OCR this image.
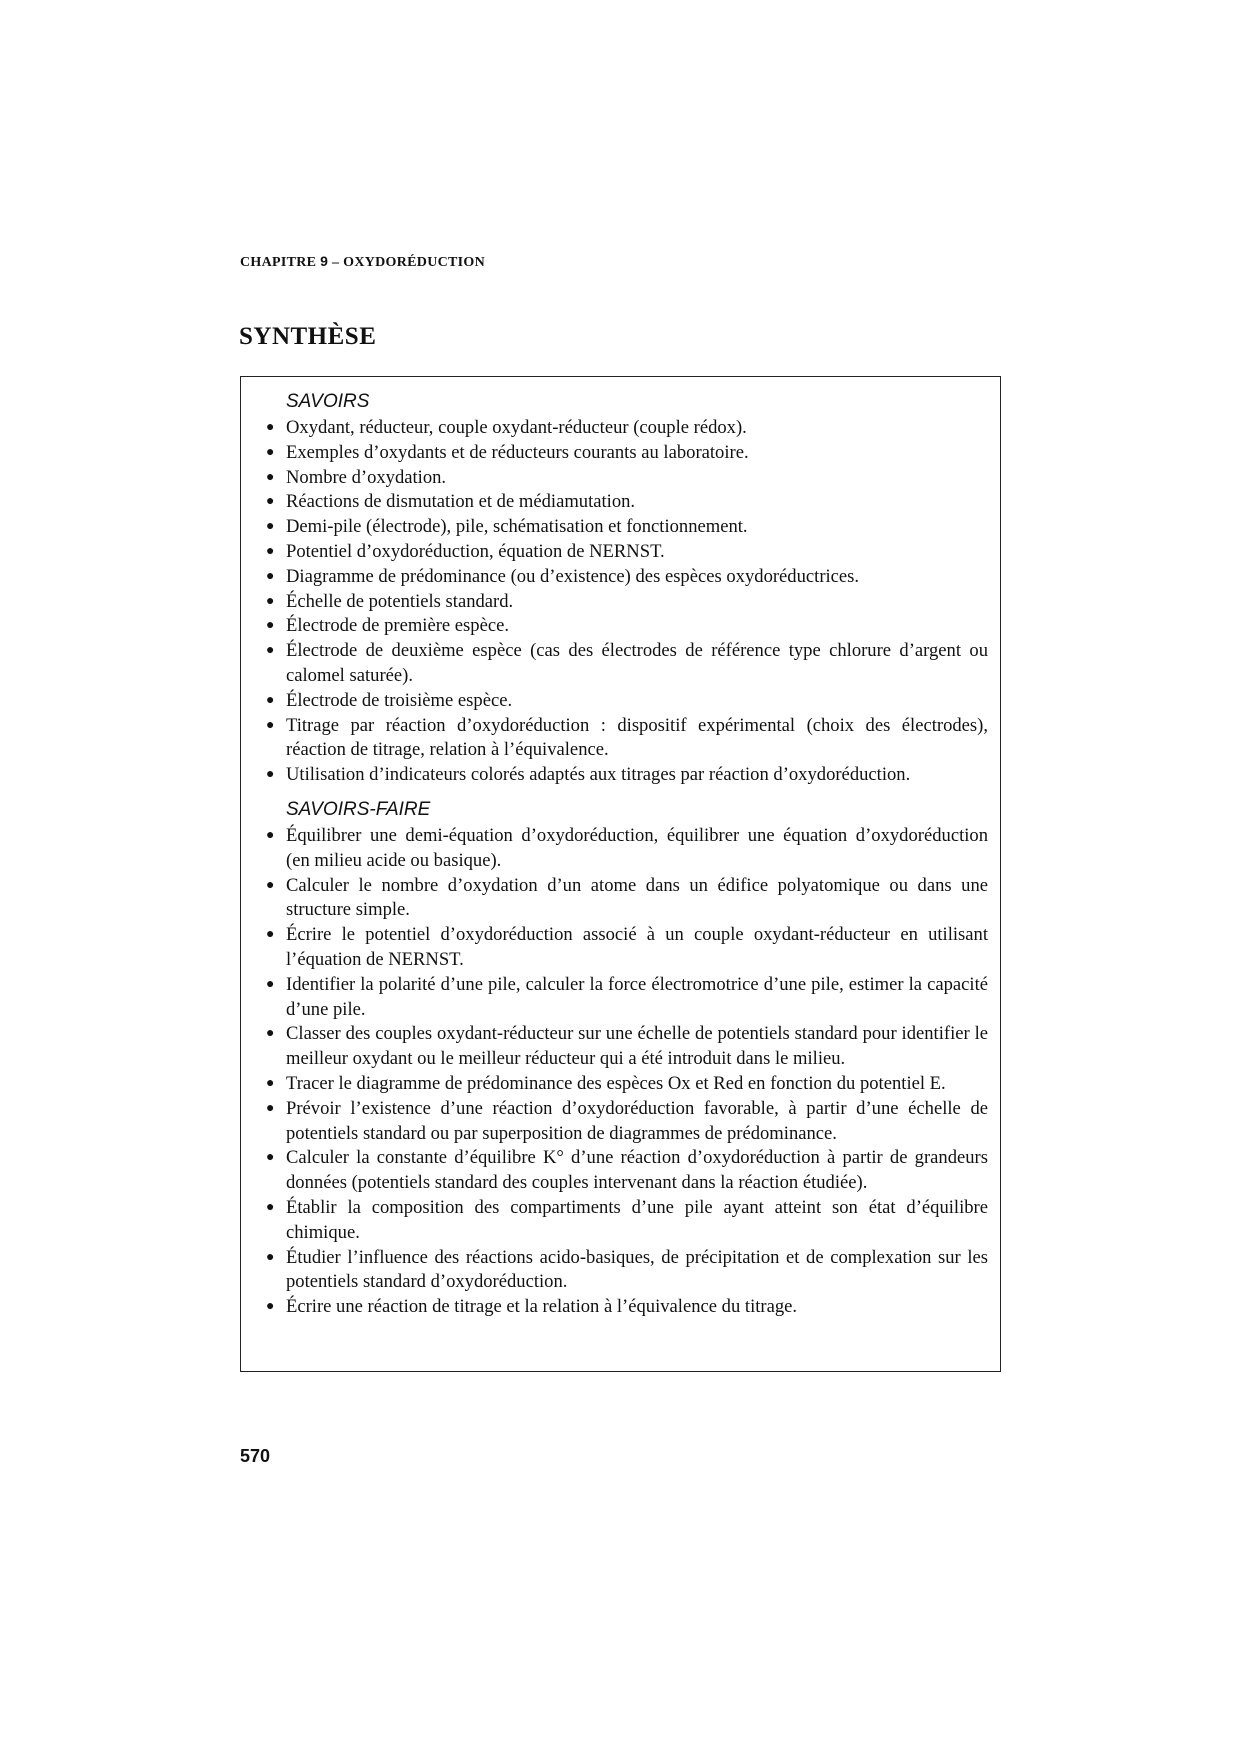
CHAPITRE 9 – OXYDORÉDUCTION
SYNTHÈSE
SAVOIRS
● Oxydant, réducteur, couple oxydant-réducteur (couple rédox).
● Exemples d’oxydants et de réducteurs courants au laboratoire.
● Nombre d’oxydation.
● Réactions de dismutation et de médiamutation.
● Demi-pile (électrode), pile, schématisation et fonctionnement.
● Potentiel d’oxydoréduction, équation de NERNST.
● Diagramme de prédominance (ou d’existence) des espèces oxydoréductrices.
● Échelle de potentiels standard.
● Électrode de première espèce.
● Électrode de deuxième espèce (cas des électrodes de référence type chlorure d’argent ou calomel saturée).
● Électrode de troisième espèce.
● Titrage par réaction d’oxydoréduction : dispositif expérimental (choix des électrodes), réaction de titrage, relation à l’équivalence.
● Utilisation d’indicateurs colorés adaptés aux titrages par réaction d’oxydoréduction.
SAVOIRS-FAIRE
● Équilibrer une demi-équation d’oxydoréduction, équilibrer une équation d’oxydoréduction (en milieu acide ou basique).
● Calculer le nombre d’oxydation d’un atome dans un édifice polyatomique ou dans une structure simple.
● Écrire le potentiel d’oxydoréduction associé à un couple oxydant-réducteur en utilisant l’équation de NERNST.
● Identifier la polarité d’une pile, calculer la force électromotrice d’une pile, estimer la capacité d’une pile.
● Classer des couples oxydant-réducteur sur une échelle de potentiels standard pour identifier le meilleur oxydant ou le meilleur réducteur qui a été introduit dans le milieu.
● Tracer le diagramme de prédominance des espèces Ox et Red en fonction du potentiel E.
● Prévoir l’existence d’une réaction d’oxydoréduction favorable, à partir d’une échelle de potentiels standard ou par superposition de diagrammes de prédominance.
● Calculer la constante d’équilibre K° d’une réaction d’oxydoréduction à partir de grandeurs données (potentiels standard des couples intervenant dans la réaction étudiée).
● Établir la composition des compartiments d’une pile ayant atteint son état d’équilibre chimique.
● Étudier l’influence des réactions acido-basiques, de précipitation et de complexation sur les potentiels standard d’oxydoréduction.
● Écrire une réaction de titrage et la relation à l’équivalence du titrage.
570
